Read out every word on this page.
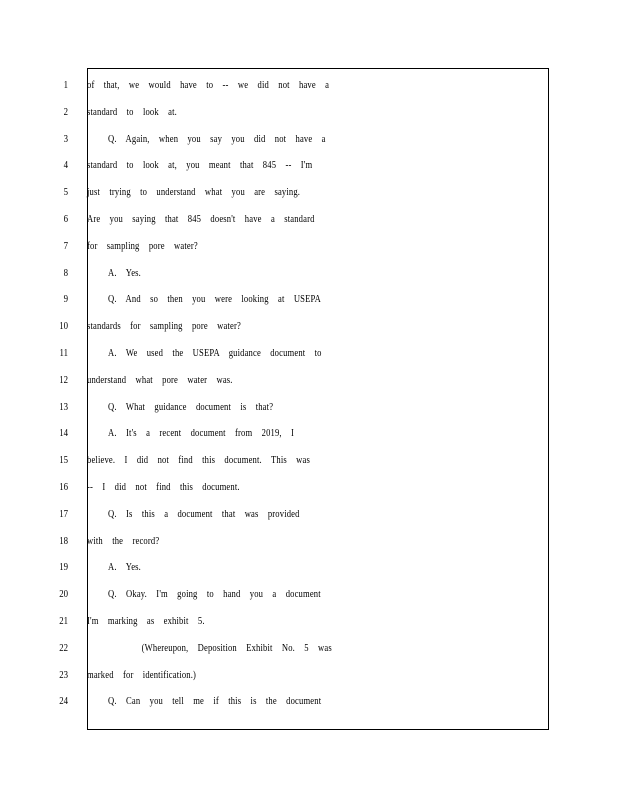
1
2
3
4
5
6
7
8
9
10
11
12
13
14
15
16
17
18
19
20
21
22
23
24
of that, we would have to -- we did not have a
standard to look at.
Q. Again, when you say you did not have a
standard to look at, you meant that 845 -- I'm
just trying to understand what you are saying.
Are you saying that 845 doesn't have a standard
for sampling pore water?
A. Yes.
Q. And so then you were looking at USEPA
standards for sampling pore water?
A. We used the USEPA guidance document to
understand what pore water was.
Q. What guidance document is that?
A. It's a recent document from 2019, I
believe. I did not find this document. This was
-- I did not find this document.
Q. Is this a document that was provided
with the record?
A. Yes.
Q. Okay. I'm going to hand you a document
I'm marking as exhibit 5.
(Whereupon, Deposition Exhibit No. 5 was
marked for identification.)
Q. Can you tell me if this is the document
